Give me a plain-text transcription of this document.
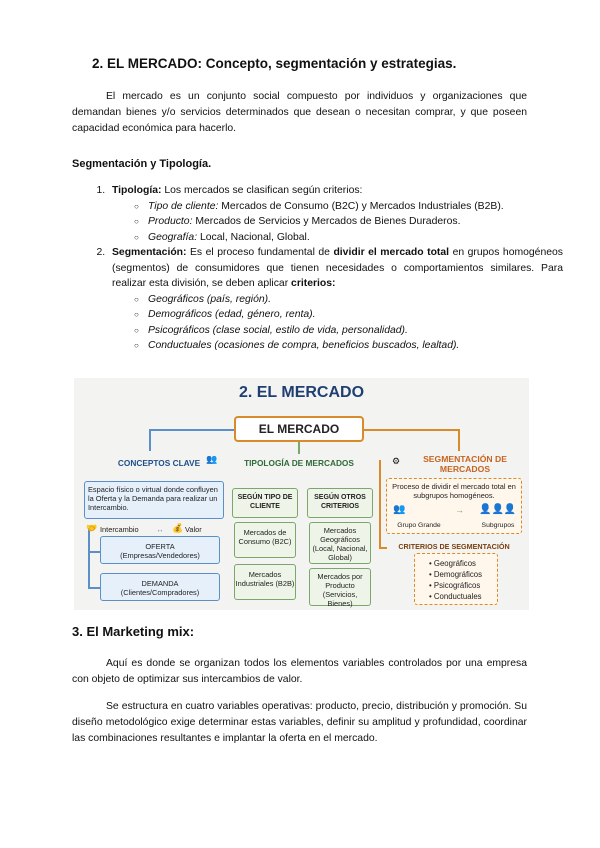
2. EL MERCADO: Concepto, segmentación y estrategias.
El mercado es un conjunto social compuesto por individuos y organizaciones que demandan bienes y/o servicios determinados que desean o necesitan comprar, y que poseen capacidad económica para hacerlo.
Segmentación y Tipología.
1. Tipología: Los mercados se clasifican según criterios:
○ Tipo de cliente: Mercados de Consumo (B2C) y Mercados Industriales (B2B).
○ Producto: Mercados de Servicios y Mercados de Bienes Duraderos.
○ Geografía: Local, Nacional, Global.
2. Segmentación: Es el proceso fundamental de dividir el mercado total en grupos homogéneos (segmentos) de consumidores que tienen necesidades o comportamientos similares. Para realizar esta división, se deben aplicar criterios:
○ Geográficos (país, región).
○ Demográficos (edad, género, renta).
○ Psicográficos (clase social, estilo de vida, personalidad).
○ Conductuales (ocasiones de compra, beneficios buscados, lealtad).
2. EL MERCADO
EL MERCADO
CONCEPTOS CLAVE 👥
Espacio físico o virtual donde confluyen la Oferta y la Demanda para realizar un Intercambio.
🤝 Intercambio	↔ 💰 Valor
OFERTA
(Empresas/Vendedores)
DEMANDA
(Clientes/Compradores)
TIPOLOGÍA DE MERCADOS
SEGÚN TIPO DE CLIENTE
SEGÚN OTROS CRITERIOS
Mercados de Consumo (B2C)
Mercados Industriales (B2B)
Mercados Geográficos (Local, Nacional, Global)
Mercados por Producto (Servicios, Bienes)
⚙	SEGMENTACIÓN DE MERCADOS
Proceso de dividir el mercado total en subgrupos homogéneos.
👥	→ 👤👤👤
Grupo Grande	Subgrupos
CRITERIOS DE SEGMENTACIÓN
• Geográficos
• Demográficos
• Psicográficos
• Conductuales
3. El Marketing mix:
Aquí es donde se organizan todos los elementos variables controlados por una empresa con objeto de optimizar sus intercambios de valor.
Se estructura en cuatro variables operativas: producto, precio, distribución y promoción. Su diseño metodológico exige determinar estas variables, definir su amplitud y profundidad, coordinar las combinaciones resultantes e implantar la oferta en el mercado.
